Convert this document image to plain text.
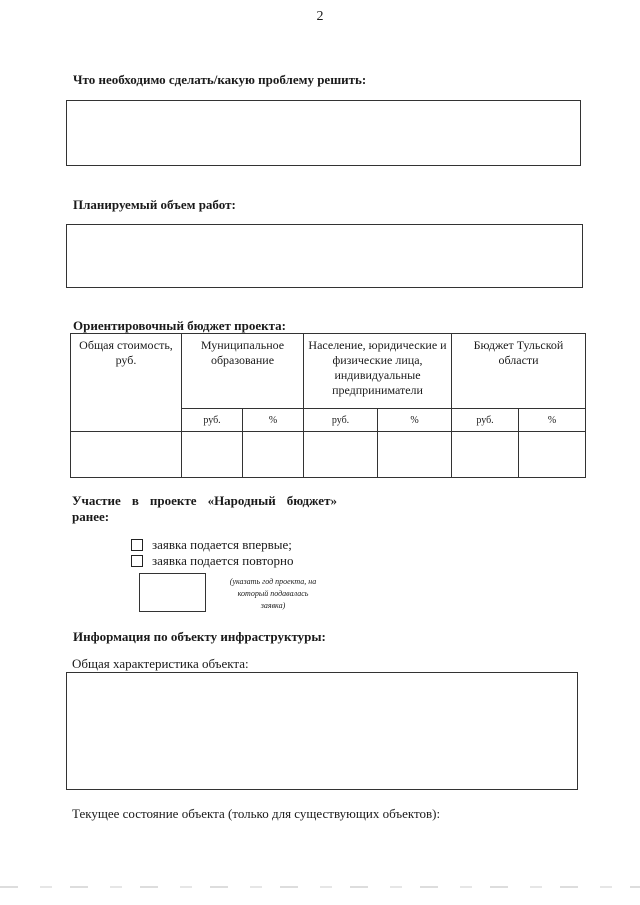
2
Что необходимо сделать/какую проблему решить:
Планируемый объем работ:
Ориентировочный бюджет проекта:
Общая стоимость, руб.	Муниципальное образование		Население, юридические и физические лица, индивидуальные предприниматели		Бюджет Тульской области	
	руб.	%	руб.	%	руб.	%

Участие в проекте «Народный бюджет»
ранее:
заявка подается впервые;
заявка подается повторно
(указать год проекта, на
который подавалась
заявка)
Информация по объекту инфраструктуры:
Общая характеристика объекта:
Текущее состояние объекта (только для существующих объектов):
